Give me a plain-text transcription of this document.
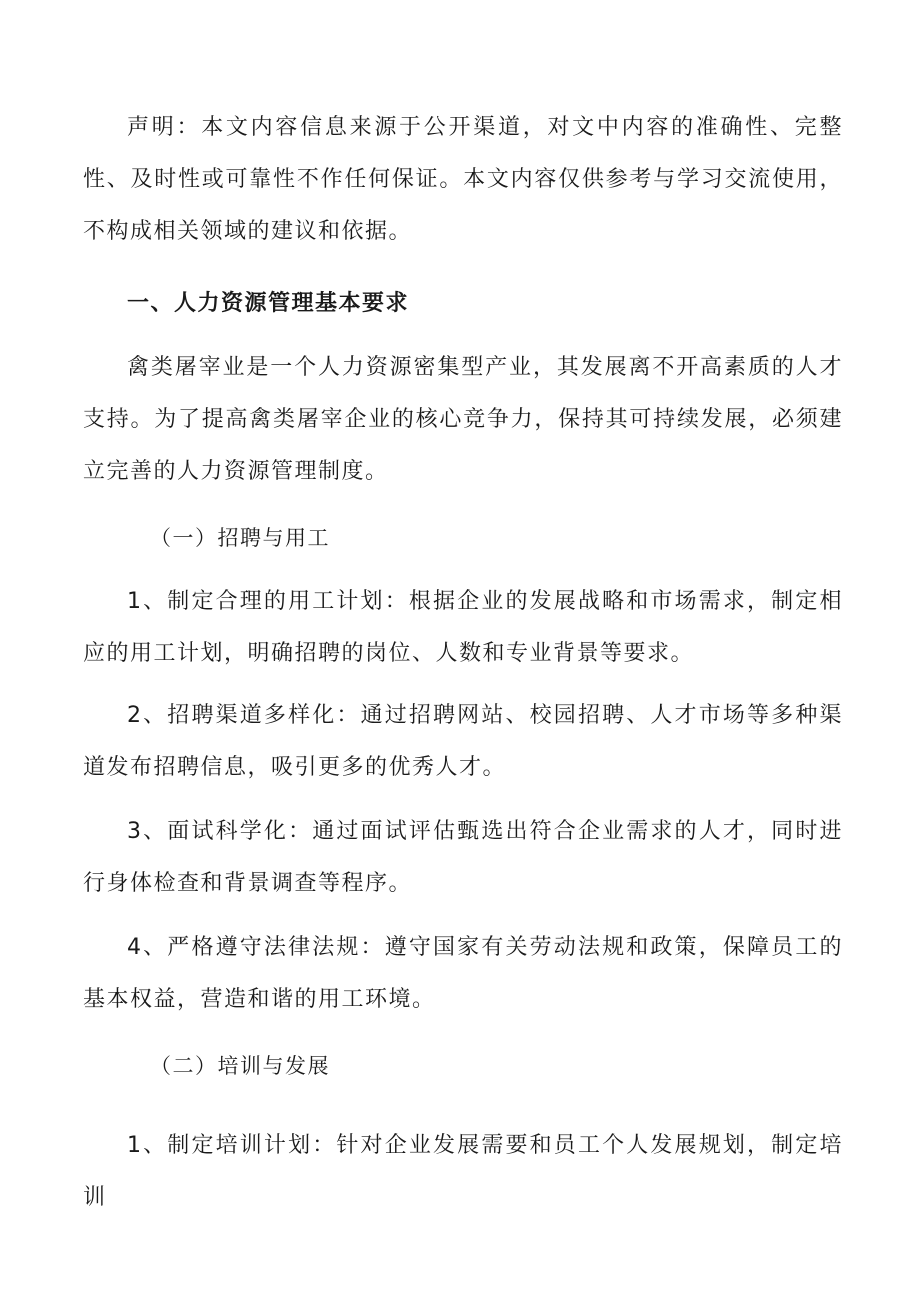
声明：本文内容信息来源于公开渠道，对文中内容的准确性、完整性、及时性或可靠性不作任何保证。本文内容仅供参考与学习交流使用，不构成相关领域的建议和依据。

一、人力资源管理基本要求

禽类屠宰业是一个人力资源密集型产业，其发展离不开高素质的人才支持。为了提高禽类屠宰企业的核心竞争力，保持其可持续发展，必须建立完善的人力资源管理制度。

（一）招聘与用工

1、制定合理的用工计划：根据企业的发展战略和市场需求，制定相应的用工计划，明确招聘的岗位、人数和专业背景等要求。

2、招聘渠道多样化：通过招聘网站、校园招聘、人才市场等多种渠道发布招聘信息，吸引更多的优秀人才。

3、面试科学化：通过面试评估甄选出符合企业需求的人才，同时进行身体检查和背景调查等程序。

4、严格遵守法律法规：遵守国家有关劳动法规和政策，保障员工的基本权益，营造和谐的用工环境。

（二）培训与发展

1、制定培训计划：针对企业发展需要和员工个人发展规划，制定培训
